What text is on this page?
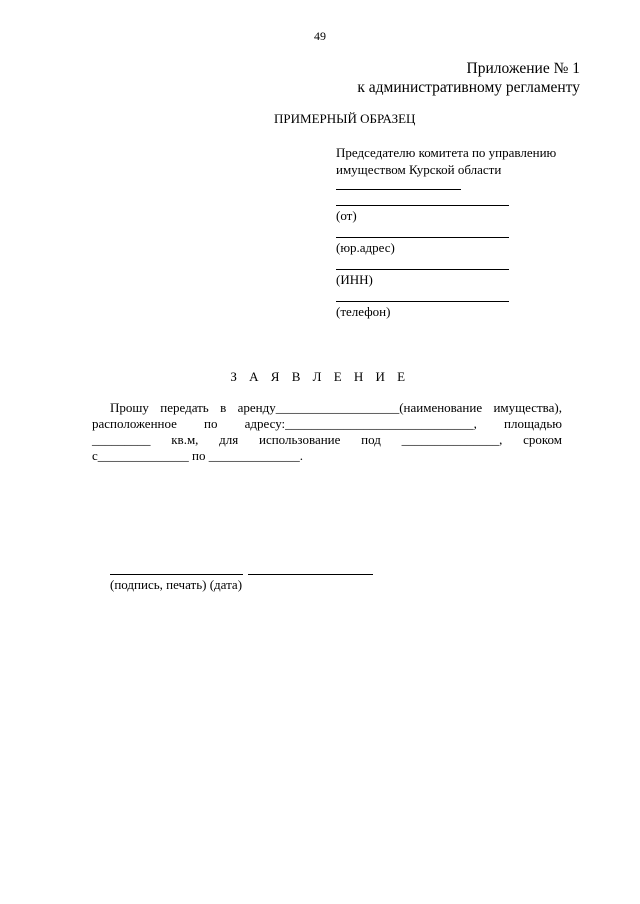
49
Приложение № 1
к административному регламенту
ПРИМЕРНЫЙ ОБРАЗЕЦ
Председателю комитета по управлению
имуществом Курской области
(от)
(юр.адрес)
(ИНН)
(телефон)
З А Я В Л Е Н И Е
Прошу передать в аренду___________________(наименование имущества),
расположенное по адресу:_____________________________, площадью
_________ кв.м, для использование под _______________, сроком
с______________ по ______________.
(подпись, печать) (дата)
